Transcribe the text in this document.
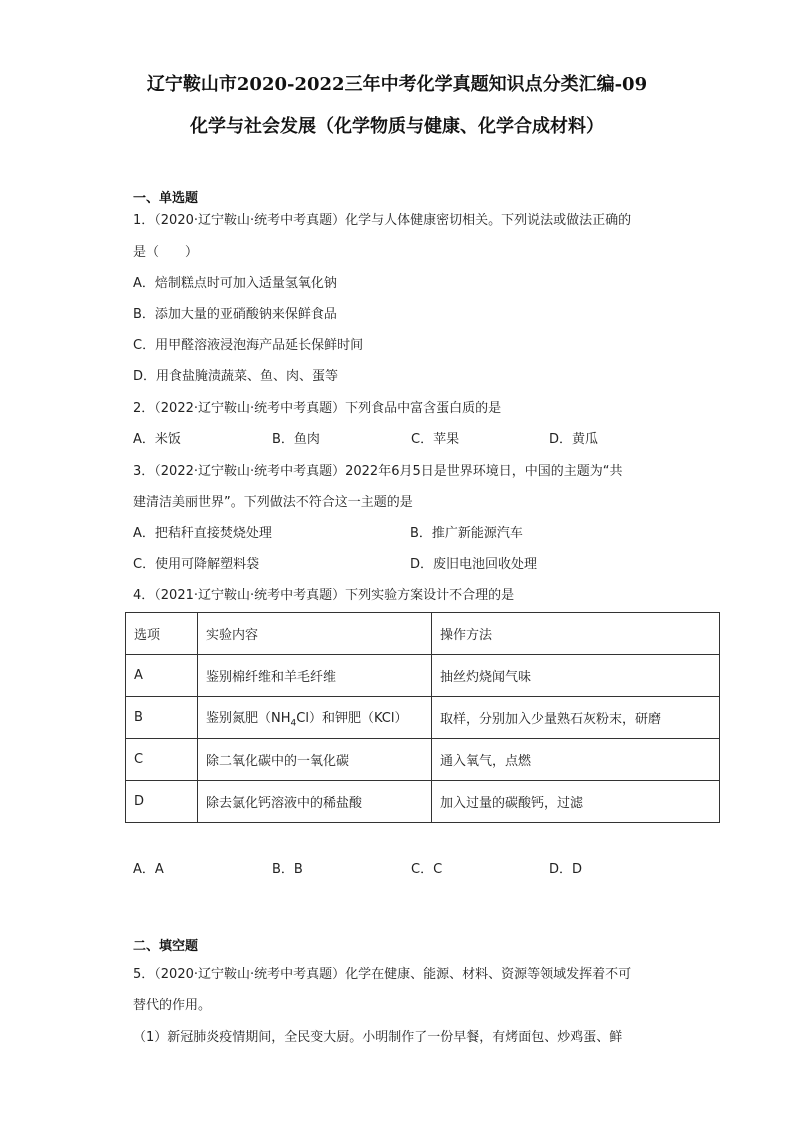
辽宁鞍山市2020-2022三年中考化学真题知识点分类汇编-09
化学与社会发展（化学物质与健康、化学合成材料）
一、单选题
1．（2020·辽宁鞍山·统考中考真题）化学与人体健康密切相关。下列说法或做法正确的
是（　　）
A．焙制糕点时可加入适量氢氧化钠
B．添加大量的亚硝酸钠来保鲜食品
C．用甲醛溶液浸泡海产品延长保鲜时间
D．用食盐腌渍蔬菜、鱼、肉、蛋等
2．（2022·辽宁鞍山·统考中考真题）下列食品中富含蛋白质的是
A．米饭	B．鱼肉	C．苹果	D．黄瓜
3．（2022·辽宁鞍山·统考中考真题）2022年6月5日是世界环境日，中国的主题为“共
建清洁美丽世界”。下列做法不符合这一主题的是
A．把秸秆直接焚烧处理	B．推广新能源汽车
C．使用可降解塑料袋	D．废旧电池回收处理
4．（2021·辽宁鞍山·统考中考真题）下列实验方案设计不合理的是
选项	实验内容	操作方法
A	鉴别棉纤维和羊毛纤维	抽丝灼烧闻气味
B	鉴别氮肥$(NH_4Cl)$和钾肥（KCl）	取样，分别加入少量熟石灰粉末，研磨
C	除二氧化碳中的一氧化碳	通入氧气，点燃
D	除去氯化钙溶液中的稀盐酸	加入过量的碳酸钙，过滤
A．A	B．B	C．C	D．D
二、填空题
5．（2020·辽宁鞍山·统考中考真题）化学在健康、能源、材料、资源等领域发挥着不可
替代的作用。
（1）新冠肺炎疫情期间，全民变大厨。小明制作了一份早餐，有烤面包、炒鸡蛋、鲜
